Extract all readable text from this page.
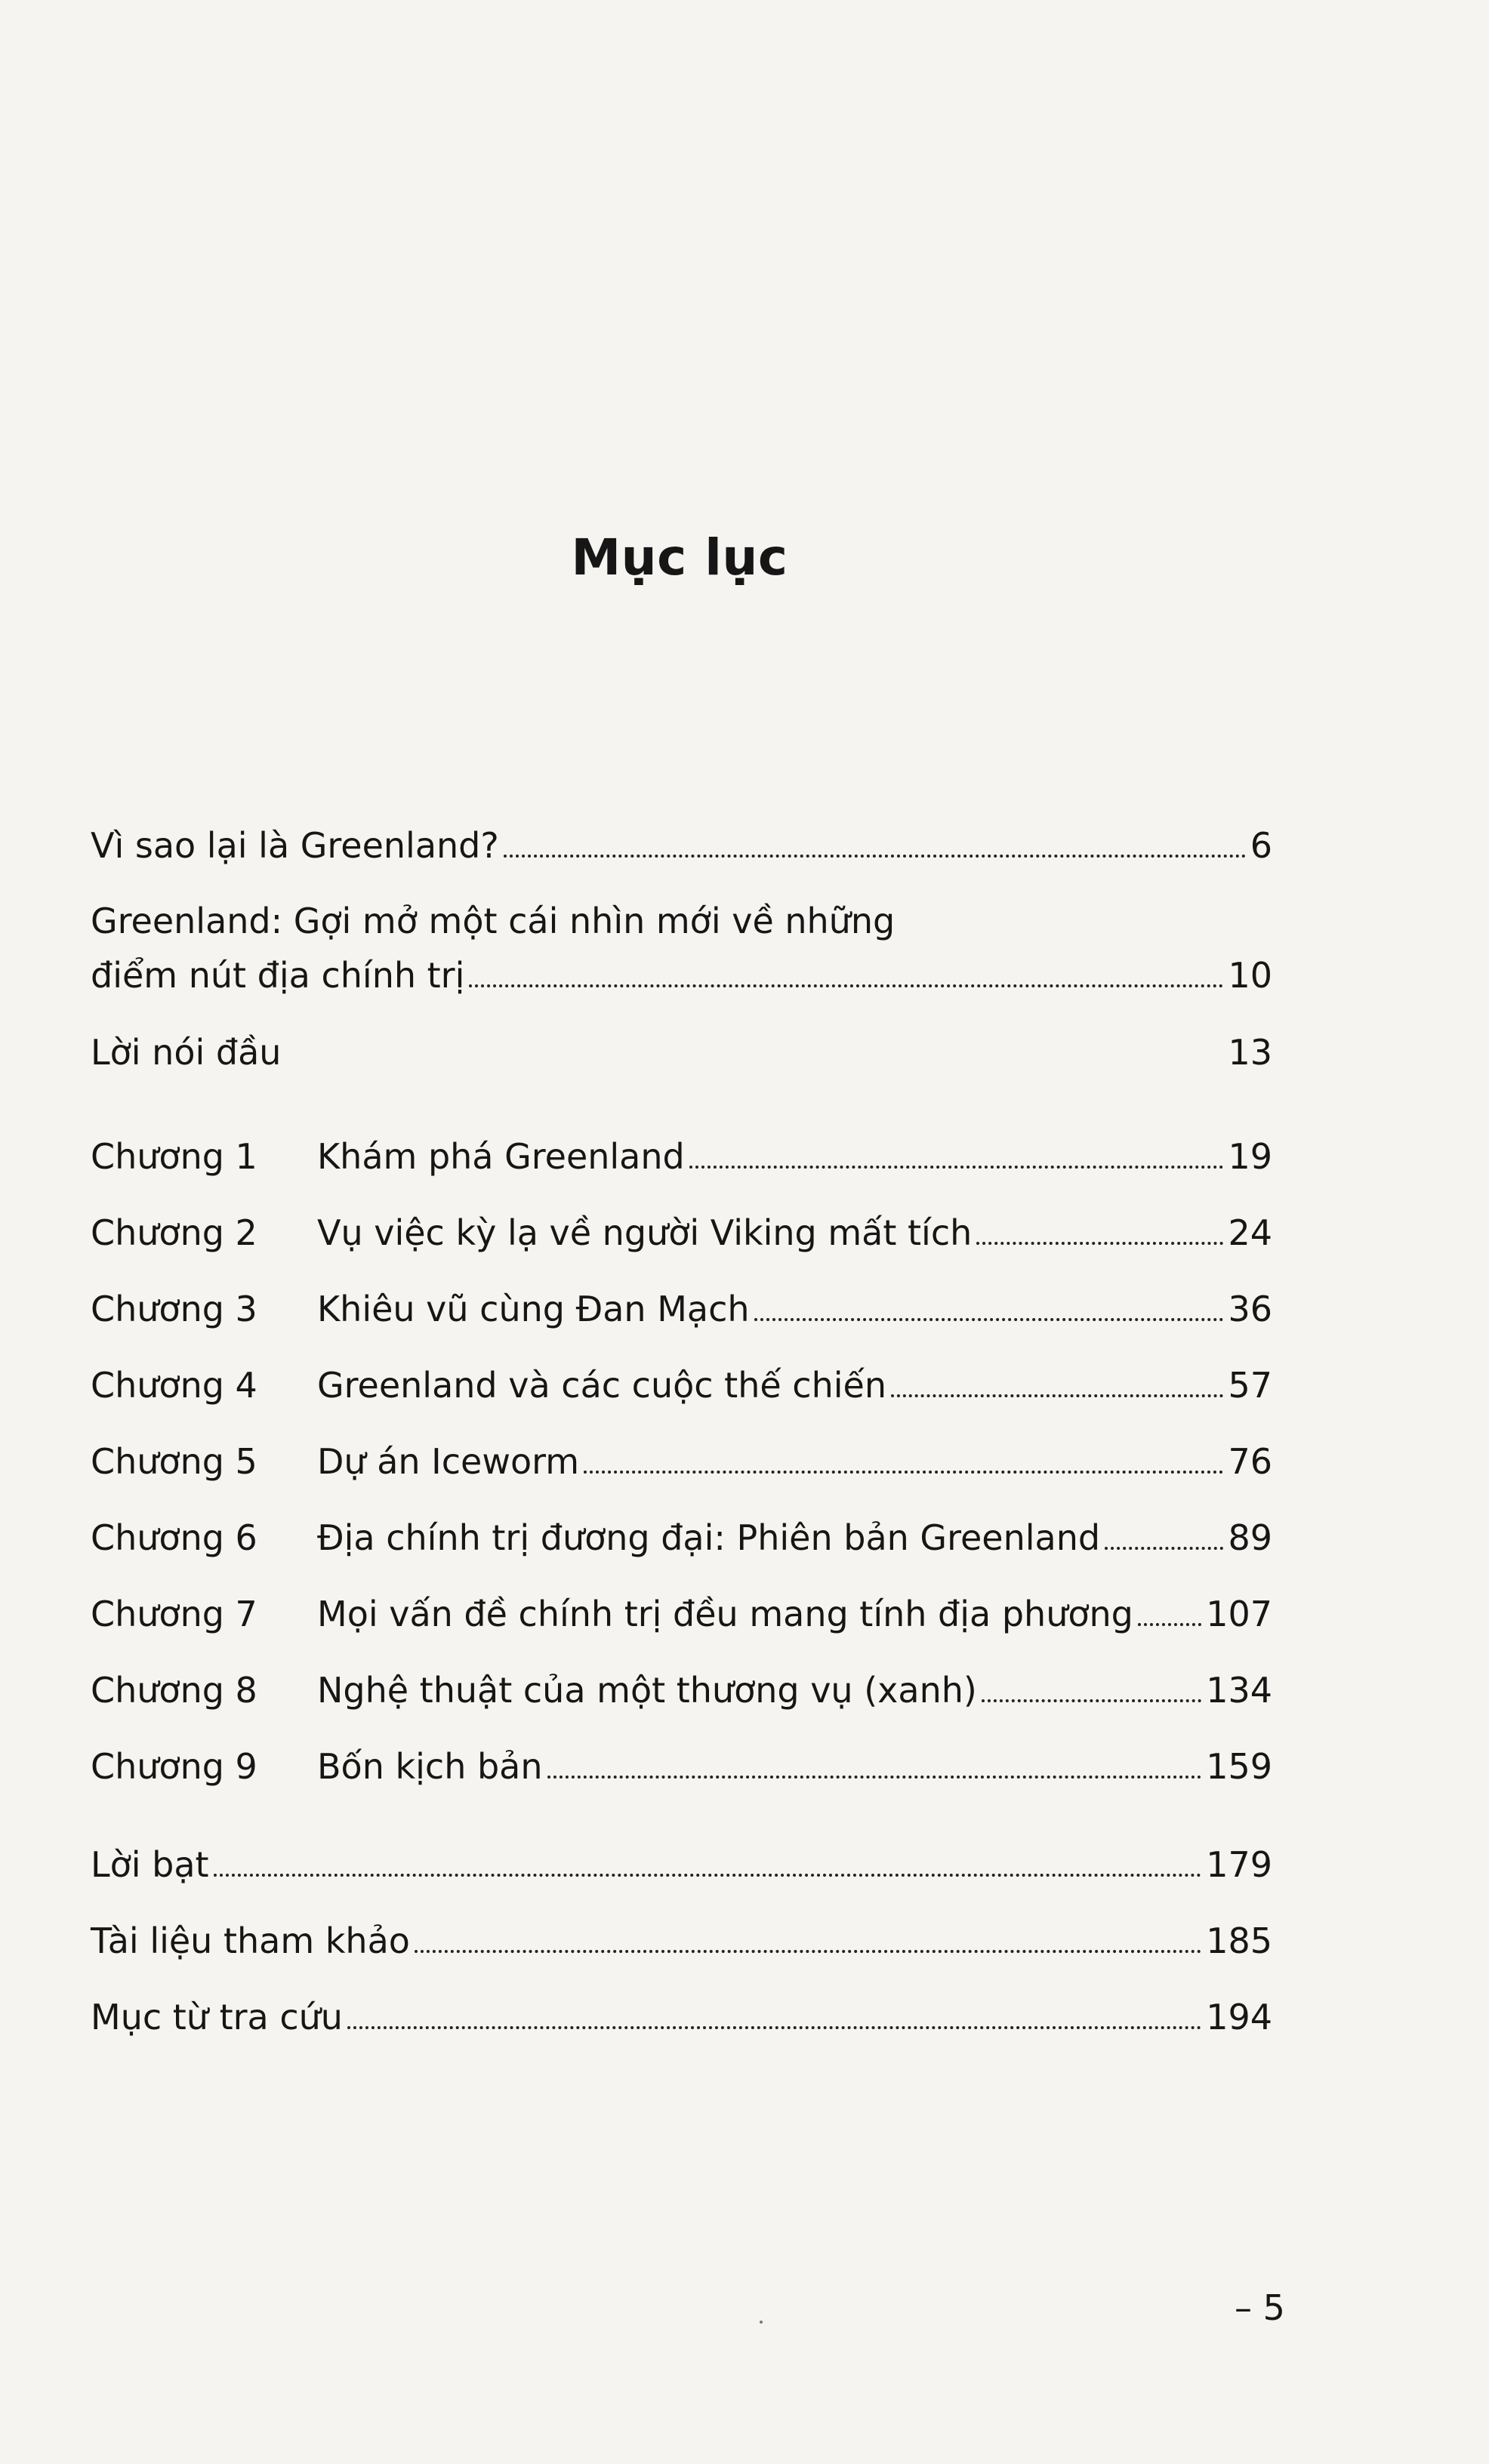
Mục lục
Vì sao lại là Greenland?	6
Greenland: Gợi mở một cái nhìn mới về những
điểm nút địa chính trị	10
Lời nói đầu	13
Chương 1	Khám phá Greenland	19
Chương 2	Vụ việc kỳ lạ về người Viking mất tích	24
Chương 3	Khiêu vũ cùng Đan Mạch	36
Chương 4	Greenland và các cuộc thế chiến	57
Chương 5	Dự án Iceworm	76
Chương 6	Địa chính trị đương đại: Phiên bản Greenland	89
Chương 7	Mọi vấn đề chính trị đều mang tính địa phương 107
Chương 8	Nghệ thuật của một thương vụ (xanh)	134
Chương 9	Bốn kịch bản	159
Lời bạt	179
Tài liệu tham khảo	185
Mục từ tra cứu	194
– 5
